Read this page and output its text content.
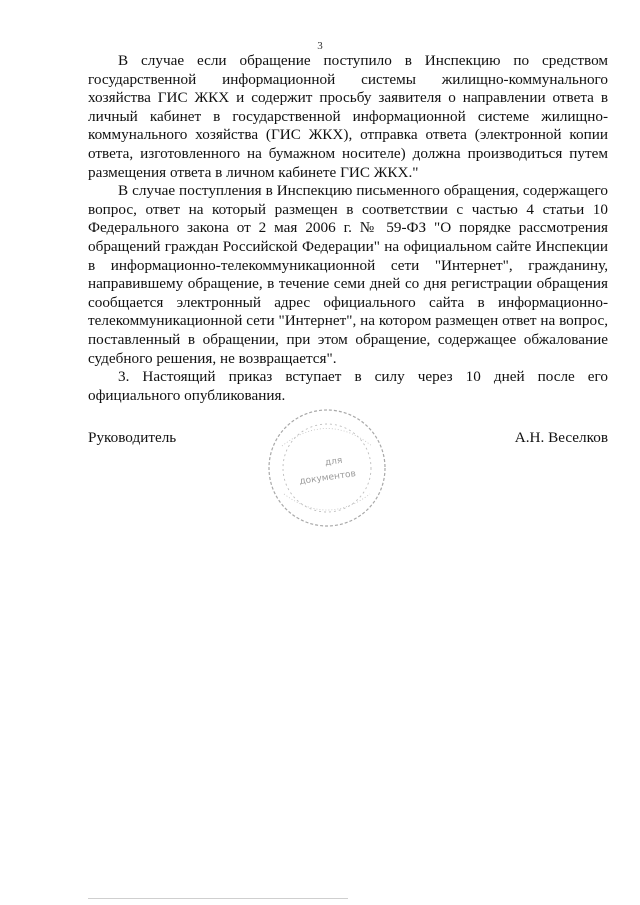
3

В случае если обращение поступило в Инспекцию по средством государственной информационной системы жилищно-коммунального хозяйства ГИС ЖКХ и содержит просьбу заявителя о направлении ответа в личный кабинет в государственной информационной системе жилищно-коммунального хозяйства (ГИС ЖКХ), отправка ответа (электронной копии ответа, изготовленного на бумажном носителе) должна производиться путем размещения ответа в личном кабинете ГИС ЖКХ."

В случае поступления в Инспекцию письменного обращения, содержащего вопрос, ответ на который размещен в соответствии с частью 4 статьи 10 Федерального закона от 2 мая 2006 г. № 59-ФЗ "О порядке рассмотрения обращений граждан Российской Федерации" на официальном сайте Инспекции в информационно-телекоммуникационной сети "Интернет", гражданину, направившему обращение, в течение семи дней со дня регистрации обращения сообщается электронный адрес официального сайта в информационно-телекоммуникационной сети "Интернет", на котором размещен ответ на вопрос, поставленный в обращении, при этом обращение, содержащее обжалование судебного решения, не возвращается".

3. Настоящий приказ вступает в силу через 10 дней после его официального опубликования.

Руководитель	А.Н. Веселков
для
документов
